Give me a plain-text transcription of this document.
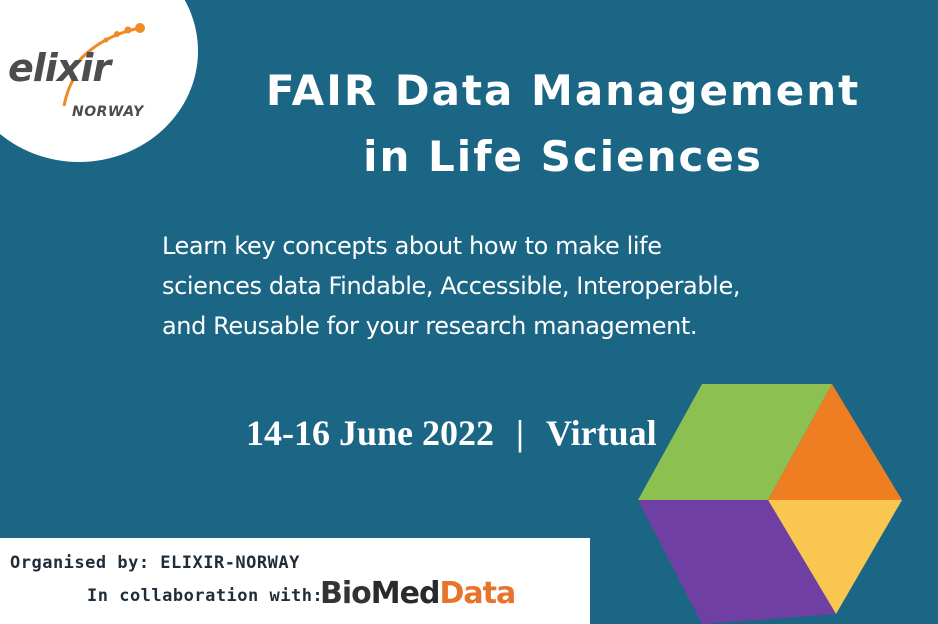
elixir
NORWAY	FAIR Data Management
in Life Sciences
Learn key concepts about how to make life
sciences data Findable, Accessible, Interoperable,
and Reusable for your research management.
14-16 June 2022 | Virtual
Organised by: ELIXIR-NORWAY
In collaboration with:
BioMedData
